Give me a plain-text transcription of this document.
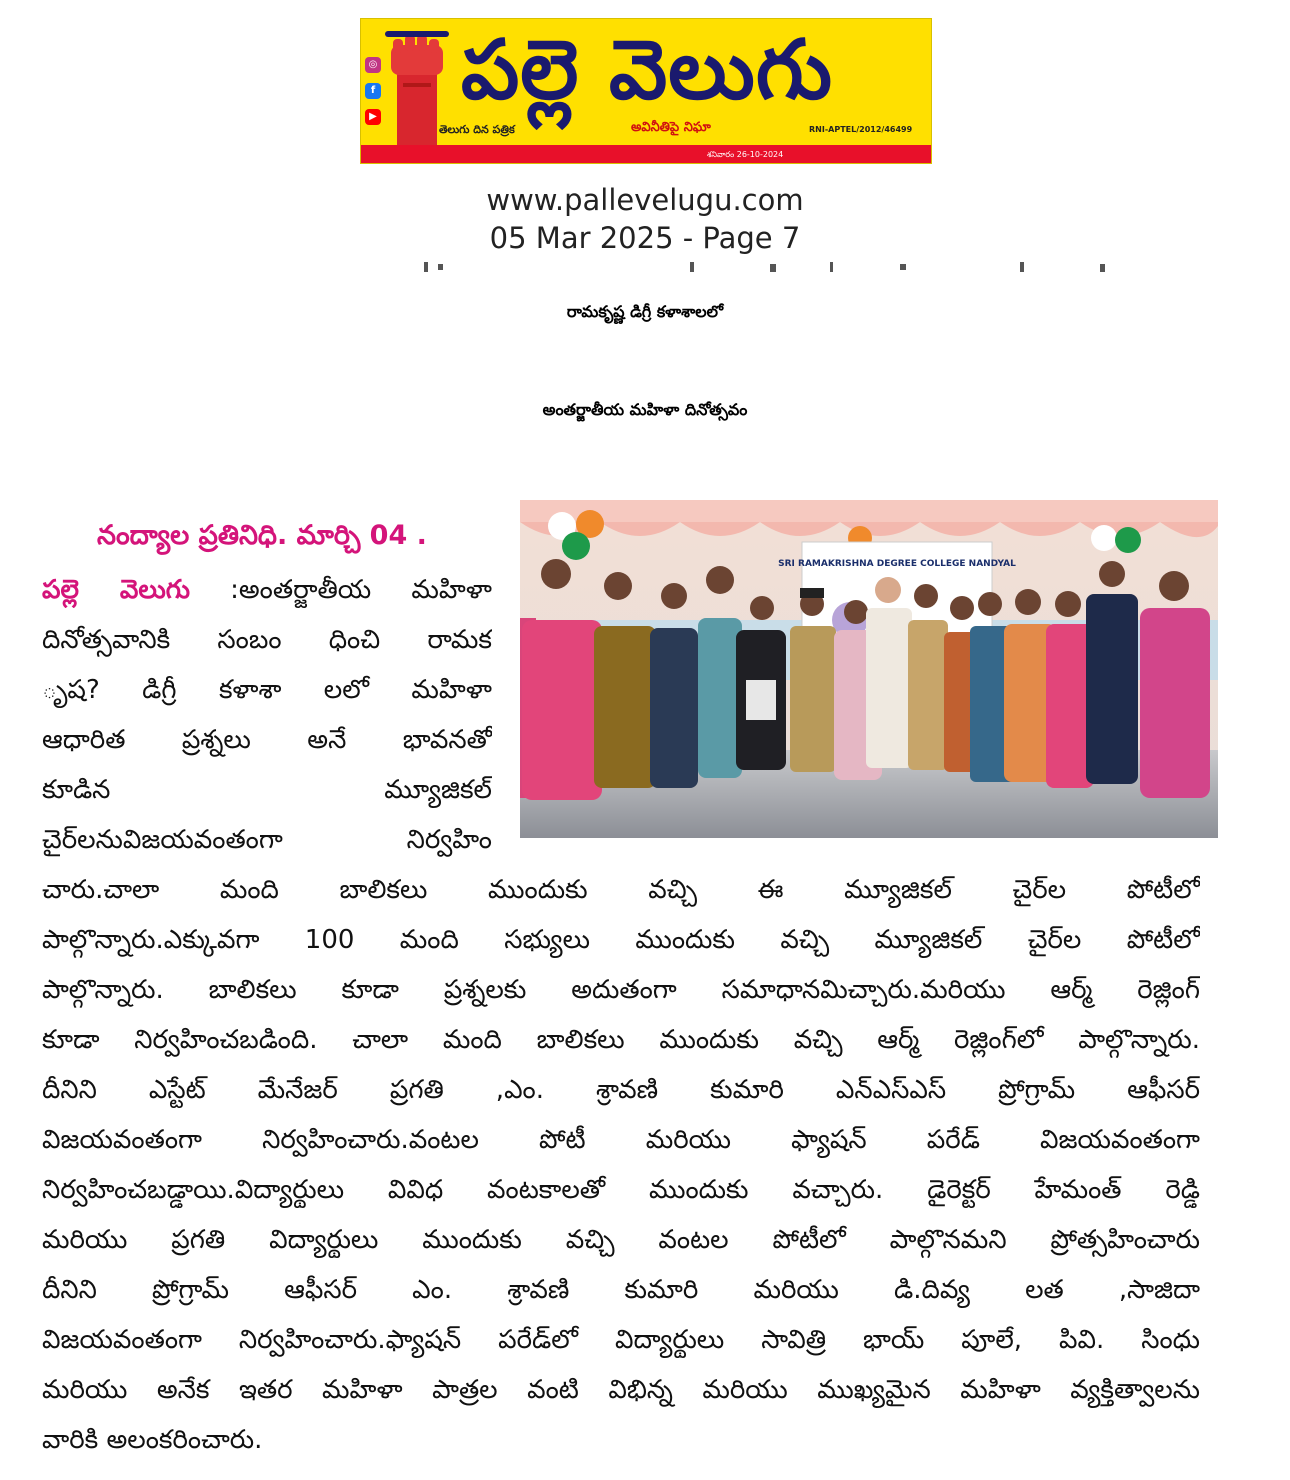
◎
f
▶ పల్లె వెలుగు
తెలుగు దిన పత్రిక	అవినీతిపై నిఘా	RNI-APTEL/2012/46499
శనివారం 26-10-2024
www.pallevelugu.com
05 Mar 2025 - Page 7
రామకృష్ణ డిగ్రీ కళాశాలలో
అంతర్జాతీయ మహిళా దినోత్సవం
SRI RAMAKRISHNA DEGREE COLLEGE NANDYAL
నంద్యాల ప్రతినిధి. మార్చి 04 .
పల్లె వెలుగు :అంతర్జాతీయ మహిళా
దినోత్సవానికి సంబం ధించి రామక
ృష? డిగ్రీ కళాశా లలో మహిళా
ఆధారిత ప్రశ్నలు అనే భావనతో
కూడిన మ్యూజికల్
చైర్‌లనువిజయవంతంగా నిర్వహిం
చారు.చాలా మంది బాలికలు ముందుకు వచ్చి ఈ మ్యూజికల్ చైర్‌ల పోటీలో
పాల్గొన్నారు.ఎక్కువగా 100 మంది సభ్యులు ముందుకు వచ్చి మ్యూజికల్ చైర్‌ల పోటీలో
పాల్గొన్నారు. బాలికలు కూడా ప్రశ్నలకు అదుతంగా సమాధానమిచ్చారు.మరియు ఆర్మ్ రెజ్లింగ్
కూడా నిర్వహించబడింది. చాలా మంది బాలికలు ముందుకు వచ్చి ఆర్మ్ రెజ్లింగ్‌లో పాల్గొన్నారు.
దీనిని ఎస్టేట్ మేనేజర్ ప్రగతి ,ఎం. శ్రావణి కుమారి ఎన్ఎస్ఎస్ ప్రోగ్రామ్ ఆఫీసర్
విజయవంతంగా నిర్వహించారు.వంటల పోటీ మరియు ఫ్యాషన్ పరేడ్ విజయవంతంగా
నిర్వహించబడ్డాయి.విద్యార్థులు వివిధ వంటకాలతో ముందుకు వచ్చారు. డైరెక్టర్ హేమంత్ రెడ్డి
మరియు ప్రగతి విద్యార్థులు ముందుకు వచ్చి వంటల పోటీలో పాల్గొనమని ప్రోత్సహించారు
దీనిని ప్రోగ్రామ్ ఆఫీసర్ ఎం. శ్రావణి కుమారి మరియు డి.దివ్య లత ,సాజిదా
విజయవంతంగా నిర్వహించారు.ఫ్యాషన్ పరేడ్‌లో విద్యార్థులు సావిత్రి భాయ్ పూలే, పివి. సింధు
మరియు అనేక ఇతర మహిళా పాత్రల వంటి విభిన్న మరియు ముఖ్యమైన మహిళా వ్యక్తిత్వాలను
వారికి అలంకరించారు.
